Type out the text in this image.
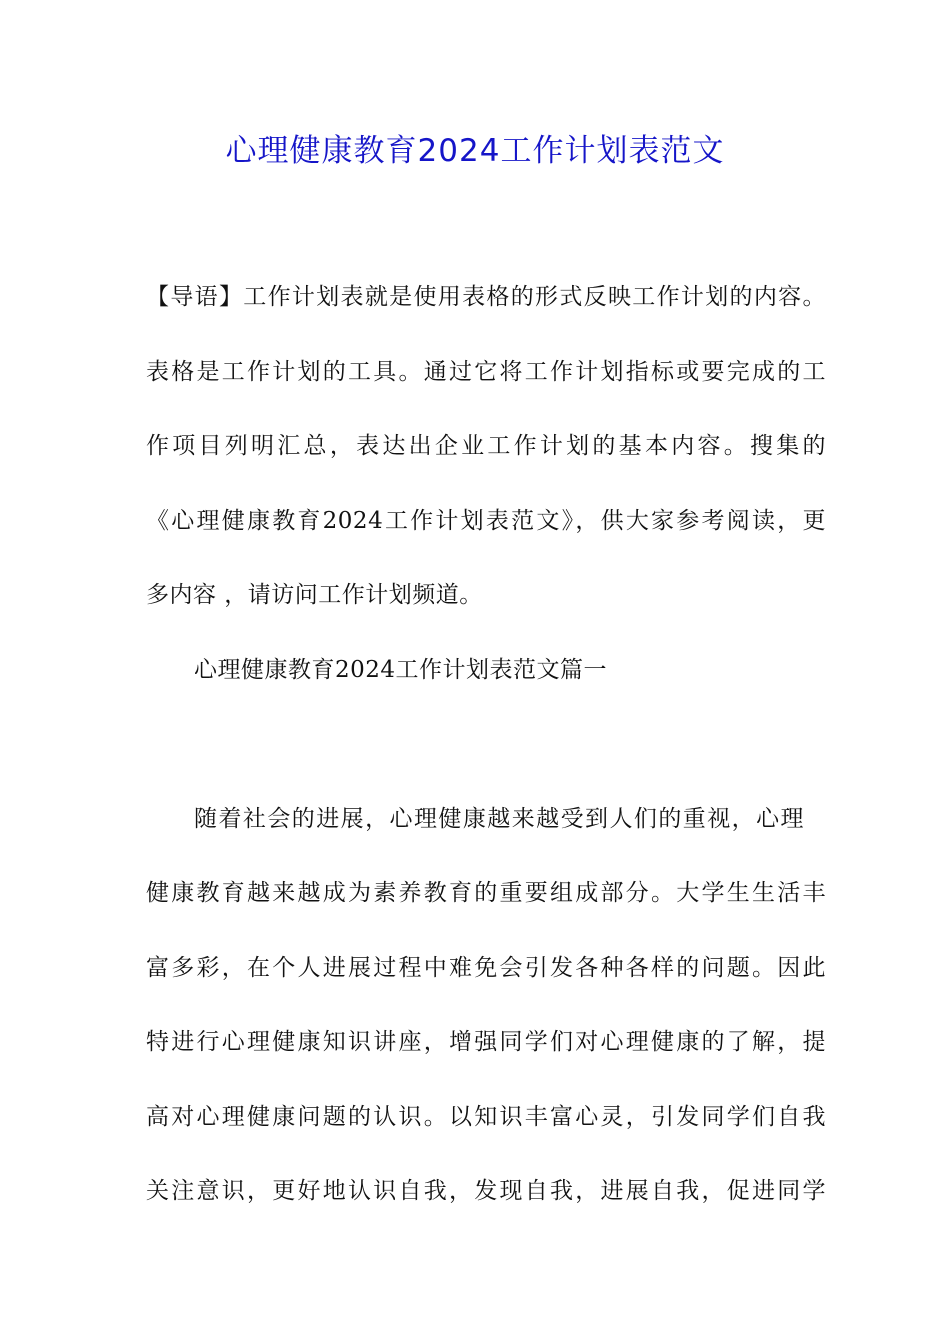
心理健康教育2024工作计划表范文
【导语】工作计划表就是使用表格的形式反映工作计划的内容。
表格是工作计划的工具。通过它将工作计划指标或要完成的工
作项目列明汇总，表达出企业工作计划的基本内容。搜集的
《心理健康教育2024工作计划表范文》，供大家参考阅读，更
多内容 ，请访问工作计划频道。
心理健康教育2024工作计划表范文篇一
随着社会的进展，心理健康越来越受到人们的重视，心理
健康教育越来越成为素养教育的重要组成部分。大学生生活丰
富多彩，在个人进展过程中难免会引发各种各样的问题。因此
特进行心理健康知识讲座，增强同学们对心理健康的了解，提
高对心理健康问题的认识。以知识丰富心灵，引发同学们自我
关注意识，更好地认识自我，发现自我，进展自我，促进同学
